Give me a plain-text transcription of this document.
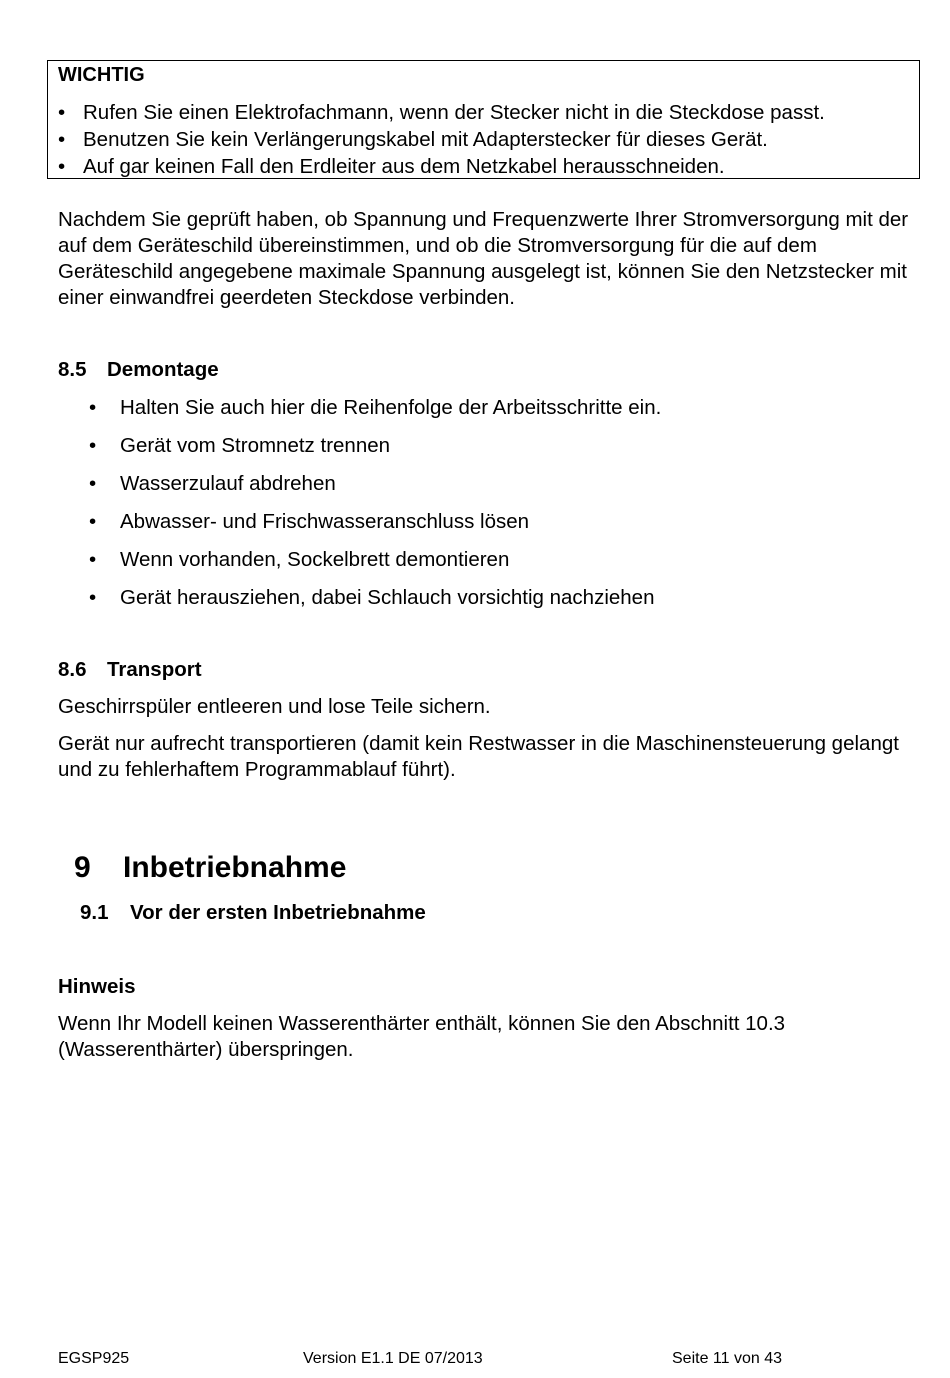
WICHTIG
• Rufen Sie einen Elektrofachmann, wenn der Stecker nicht in die Steckdose passt.
• Benutzen Sie kein Verlängerungskabel mit Adapterstecker für dieses Gerät.
• Auf gar keinen Fall den Erdleiter aus dem Netzkabel herausschneiden.
Nachdem Sie geprüft haben, ob Spannung und Frequenzwerte Ihrer Stromversorgung mit der auf dem Geräteschild übereinstimmen, und ob die Stromversorgung für die auf dem Geräteschild angegebene maximale Spannung ausgelegt ist, können Sie den Netzstecker mit einer einwandfrei geerdeten Steckdose verbinden.
8.5 Demontage
• Halten Sie auch hier die Reihenfolge der Arbeitsschritte ein.
• Gerät vom Stromnetz trennen
• Wasserzulauf abdrehen
• Abwasser- und Frischwasseranschluss lösen
• Wenn vorhanden, Sockelbrett demontieren
• Gerät herausziehen, dabei Schlauch vorsichtig nachziehen
8.6 Transport
Geschirrspüler entleeren und lose Teile sichern.
Gerät nur aufrecht transportieren (damit kein Restwasser in die Maschinensteuerung gelangt und zu fehlerhaftem Programmablauf führt).
9 Inbetriebnahme
9.1 Vor der ersten Inbetriebnahme
Hinweis
Wenn Ihr Modell keinen Wasserenthärter enthält, können Sie den Abschnitt 10.3 (Wasserenthärter) überspringen.
EGSP925	Version E1.1 DE 07/2013	Seite 11 von 43
